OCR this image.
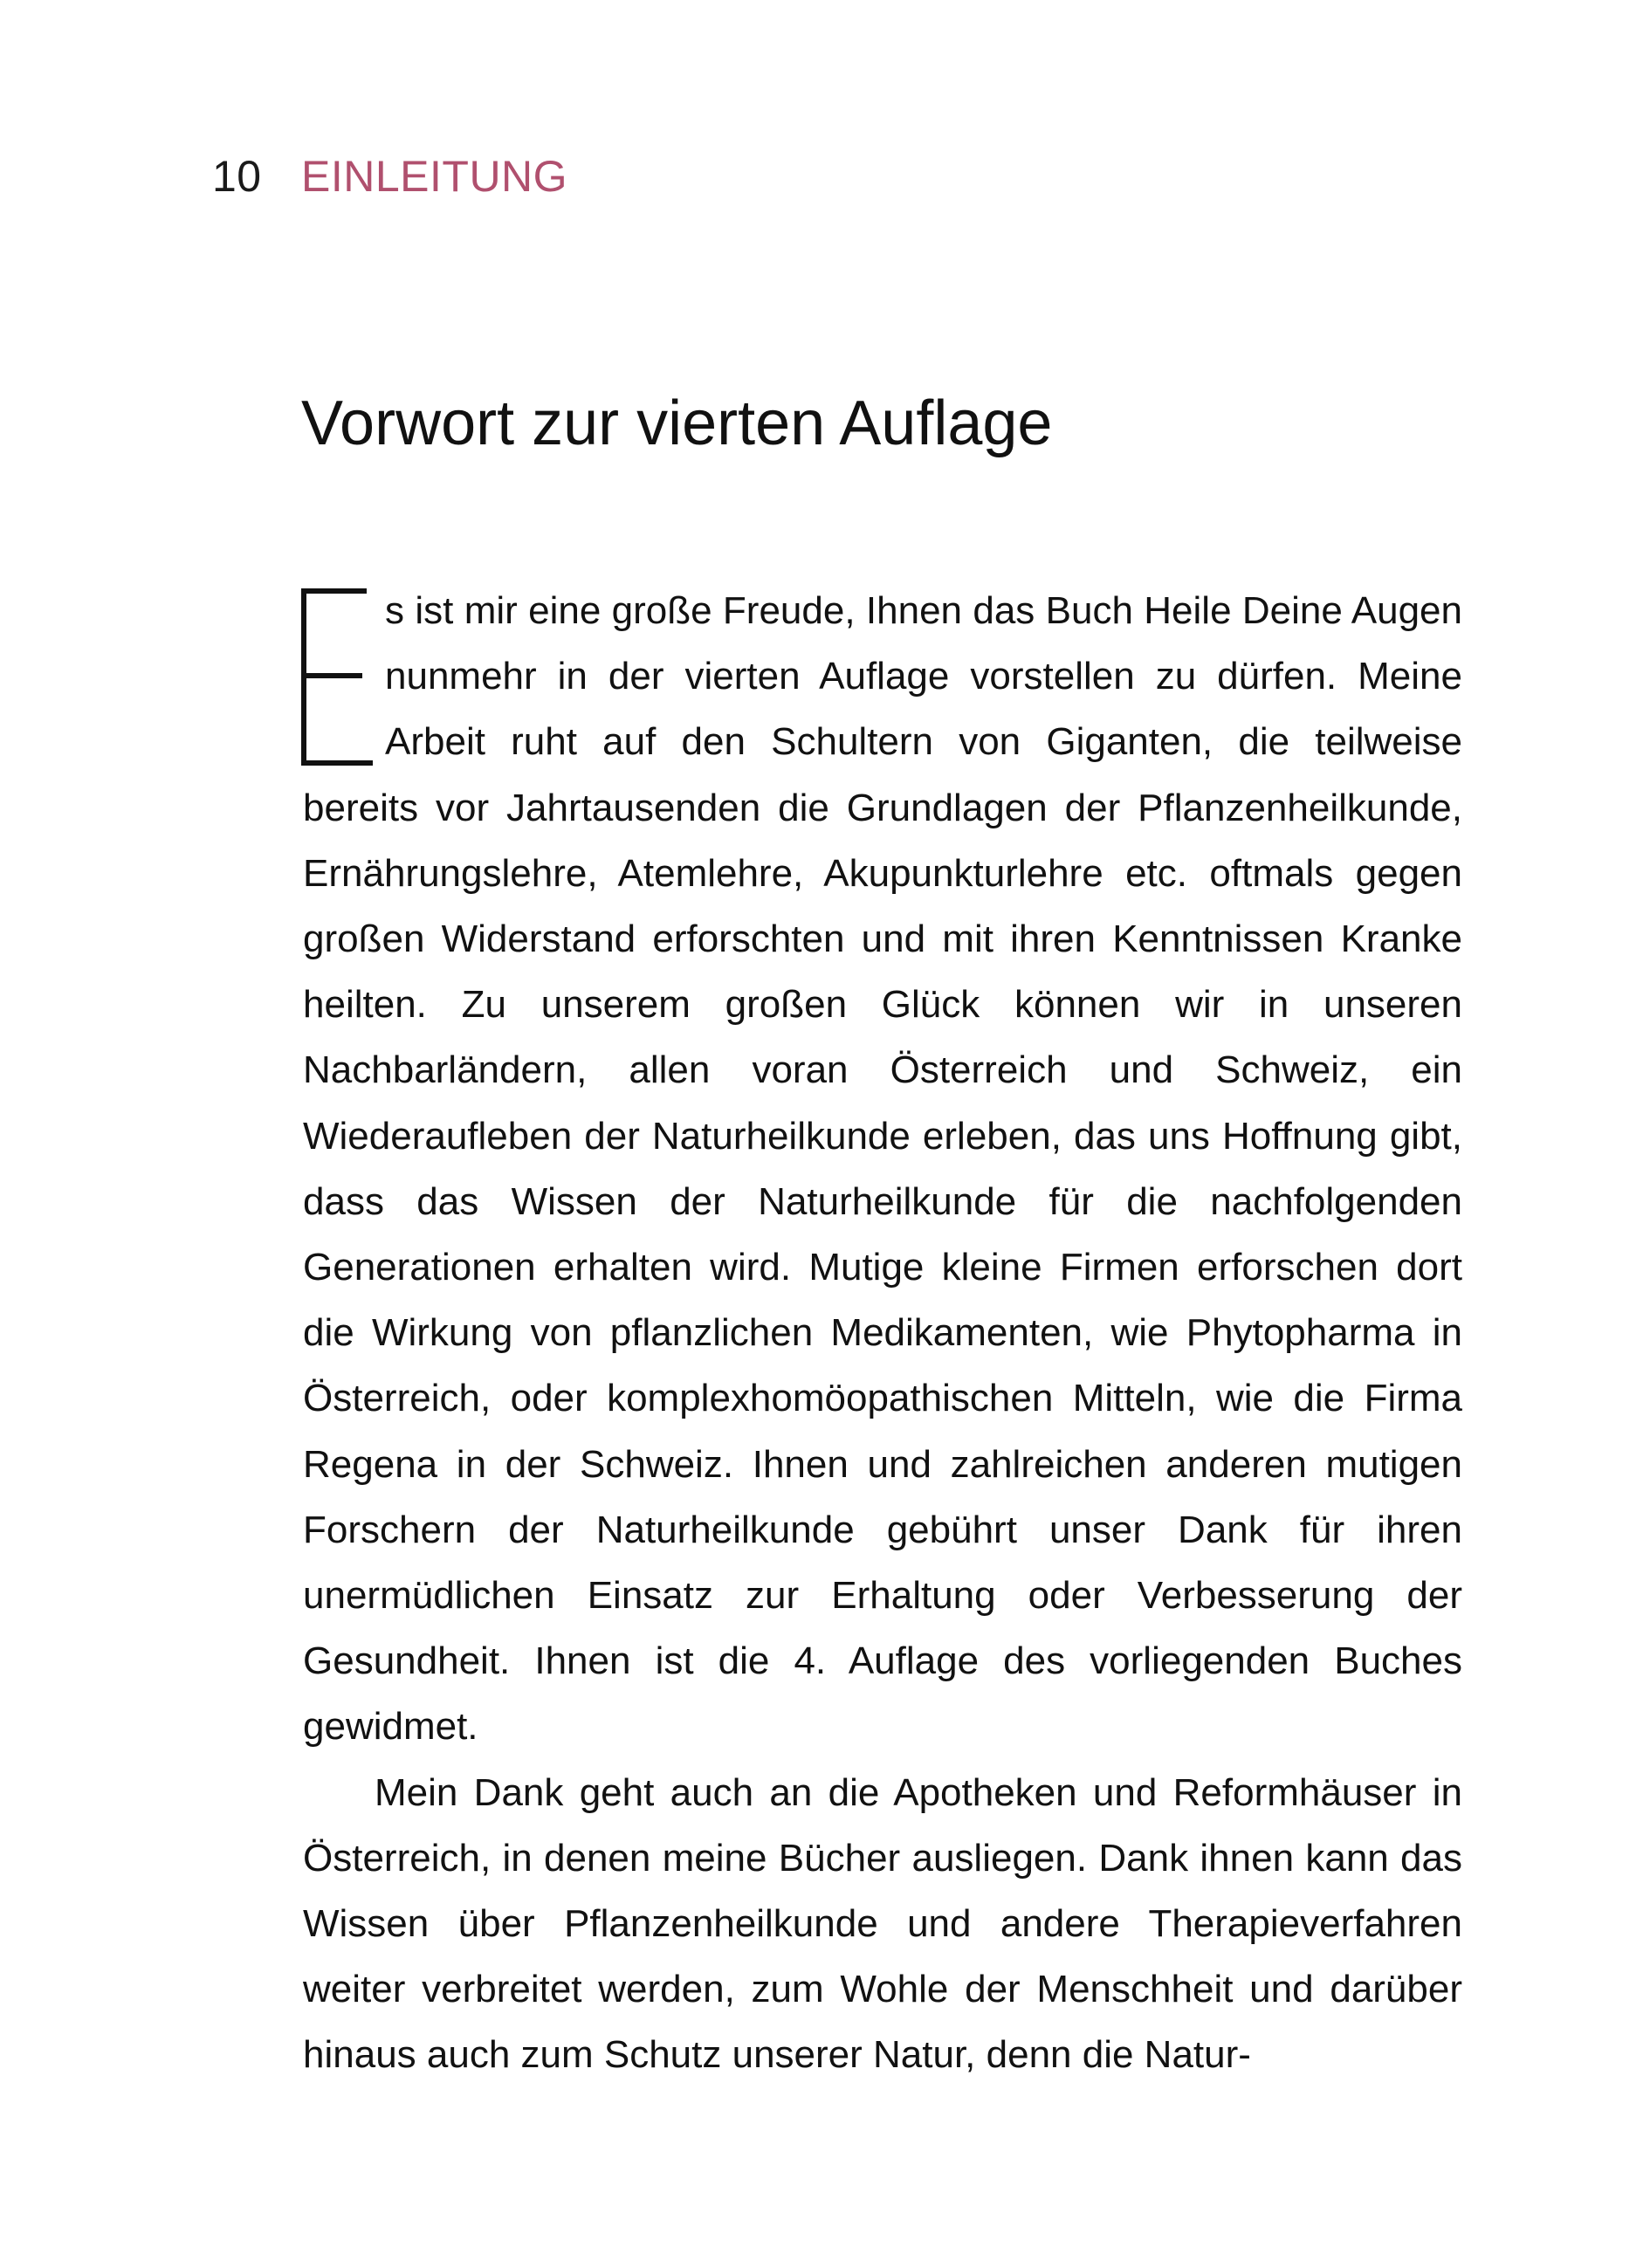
10 EINLEITUNG
Vorwort zur vierten Auflage

s ist mir eine große Freude, Ihnen das Buch Heile Deine Augen nunmehr in der vierten Auflage vorstellen zu dürfen. Meine Arbeit ruht auf den Schultern von Giganten, die teilweise bereits vor Jahrtausenden die Grundlagen der Pflanzenheilkunde, Ernährungslehre, Atemlehre, Akupunkturlehre etc. oftmals gegen großen Widerstand erforschten und mit ihren Kenntnissen Kranke heilten. Zu unserem großen Glück können wir in unseren Nachbarländern, allen voran Österreich und Schweiz, ein Wiederaufleben der Naturheilkunde erleben, das uns Hoffnung gibt, dass das Wissen der Naturheilkunde für die nachfolgenden Generationen erhalten wird. Mutige kleine Firmen erforschen dort die Wirkung von pflanzlichen Medikamenten, wie Phytopharma in Österreich, oder komplexhomöopathischen Mitteln, wie die Firma Regena in der Schweiz. Ihnen und zahlreichen anderen mutigen Forschern der Naturheilkunde gebührt unser Dank für ihren unermüdlichen Einsatz zur Erhaltung oder Verbesserung der Gesundheit. Ihnen ist die 4. Auflage des vorliegenden Buches gewidmet.

Mein Dank geht auch an die Apotheken und Reformhäuser in Österreich, in denen meine Bücher ausliegen. Dank ihnen kann das Wissen über Pflanzenheilkunde und andere Therapieverfahren weiter verbreitet werden, zum Wohle der Menschheit und darüber hinaus auch zum Schutz unserer Natur, denn die Natur-
